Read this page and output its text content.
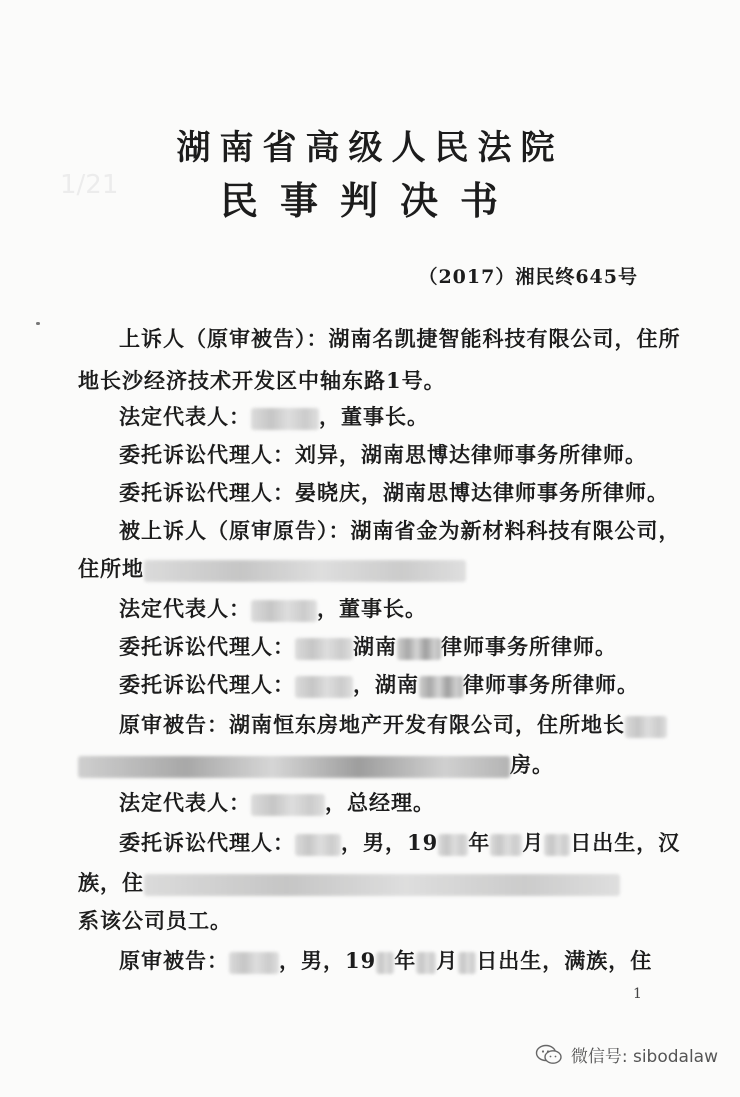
1/21
湖南省高级人民法院
民事判决书
（2017）湘民终645号
上诉人（原审被告）：湖南名凯捷智能科技有限公司，住所
地长沙经济技术开发区中轴东路1号。
法定代表人：	，董事长。
委托诉讼代理人：刘异，湖南思博达律师事务所律师。
委托诉讼代理人：晏晓庆，湖南思博达律师事务所律师。
被上诉人（原审原告）：湖南省金为新材料科技有限公司，
住所地
法定代表人：	，董事长。
委托诉讼代理人：	湖南 律师事务所律师。
委托诉讼代理人：	，湖南 律师事务所律师。
原审被告：湖南恒东房地产开发有限公司，住所地长
房。
法定代表人：	，总经理。
委托诉讼代理人： ，男，19 年 月 日出生，汉
族，住
系该公司员工。
原审被告： ，男，19 年 月 日出生，满族，住
1
微信号: sibodalaw
